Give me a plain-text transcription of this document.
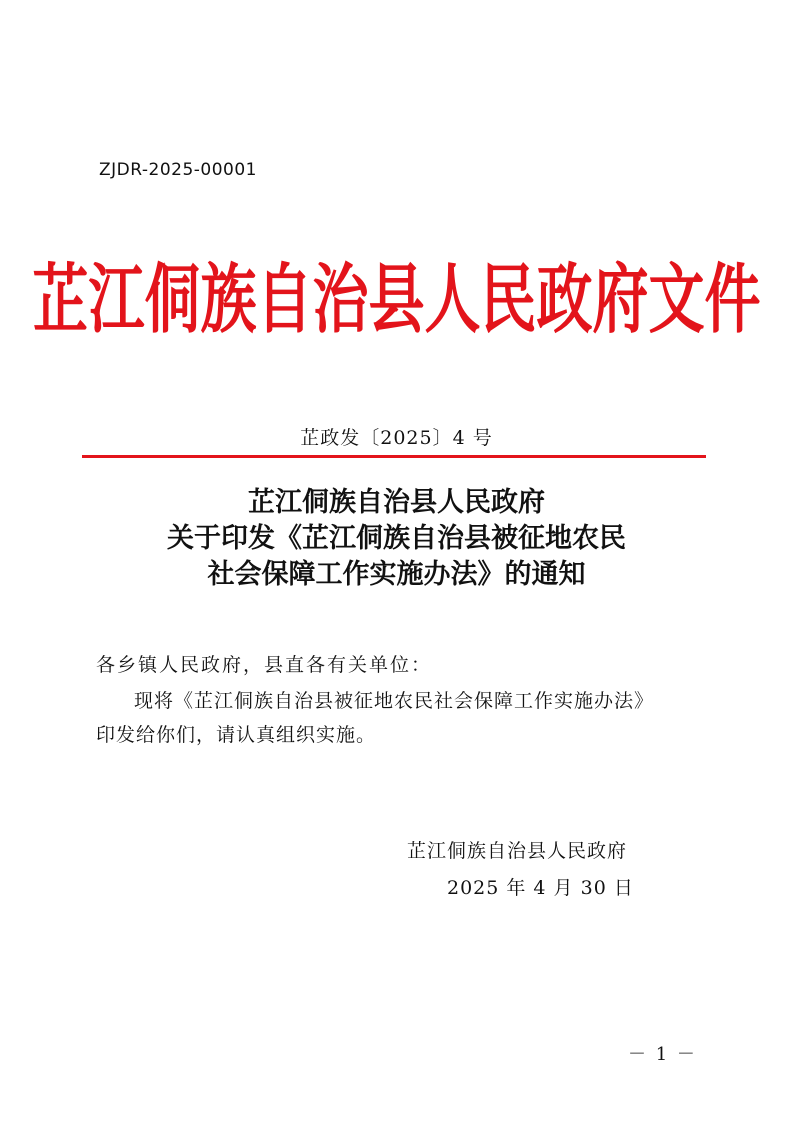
ZJDR-2025-00001
芷江侗族自治县人民政府文件
芷政发〔2025〕4 号
芷江侗族自治县人民政府
关于印发《芷江侗族自治县被征地农民
社会保障工作实施办法》的通知
各乡镇人民政府，县直各有关单位：
现将《芷江侗族自治县被征地农民社会保障工作实施办法》
印发给你们，请认真组织实施。
芷江侗族自治县人民政府
2025 年 4 月 30 日
－ 1 －
